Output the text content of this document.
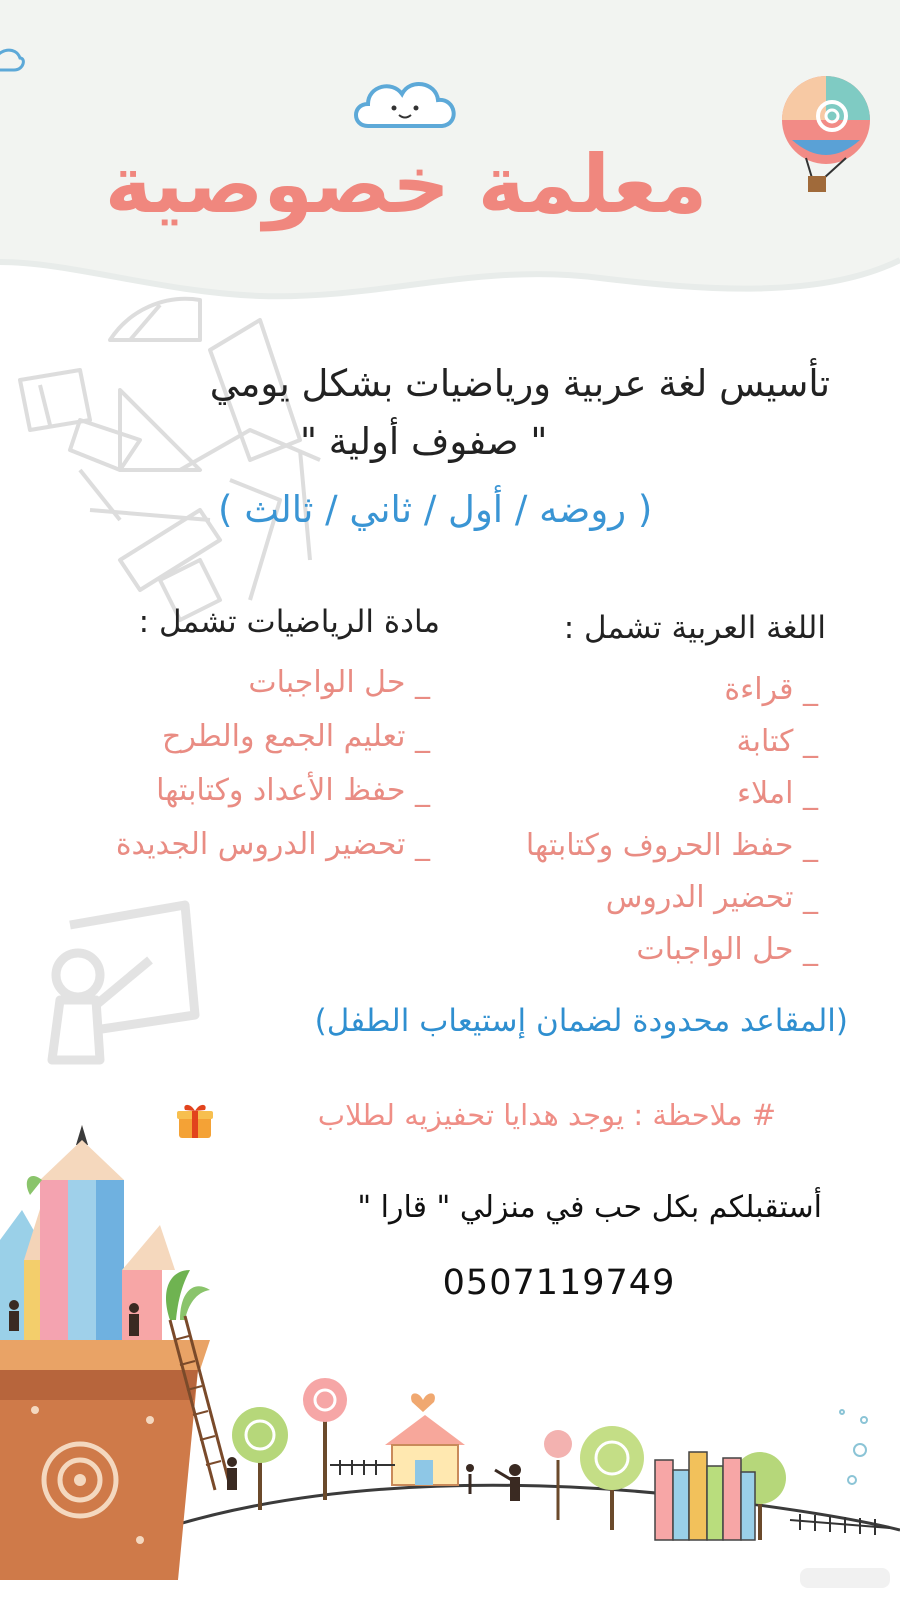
معلمة خصوصية
تأسيس لغة عربية ورياضيات بشكل يومي
" صفوف أولية "
( روضه / أول / ثاني / ثالث )
اللغة العربية تشمل :
_ قراءة
_ كتابة
_ املاء
_ حفظ الحروف وكتابتها
_ تحضير الدروس
_ حل الواجبات
مادة الرياضيات تشمل :
_ حل الواجبات
_ تعليم الجمع والطرح
_ حفظ الأعداد وكتابتها
_ تحضير الدروس الجديدة
(المقاعد محدودة لضمان إستيعاب الطفل)
# ملاحظة : يوجد هدايا تحفيزيه لطلاب
أستقبلكم بكل حب في منزلي " قارا "
0507119749
